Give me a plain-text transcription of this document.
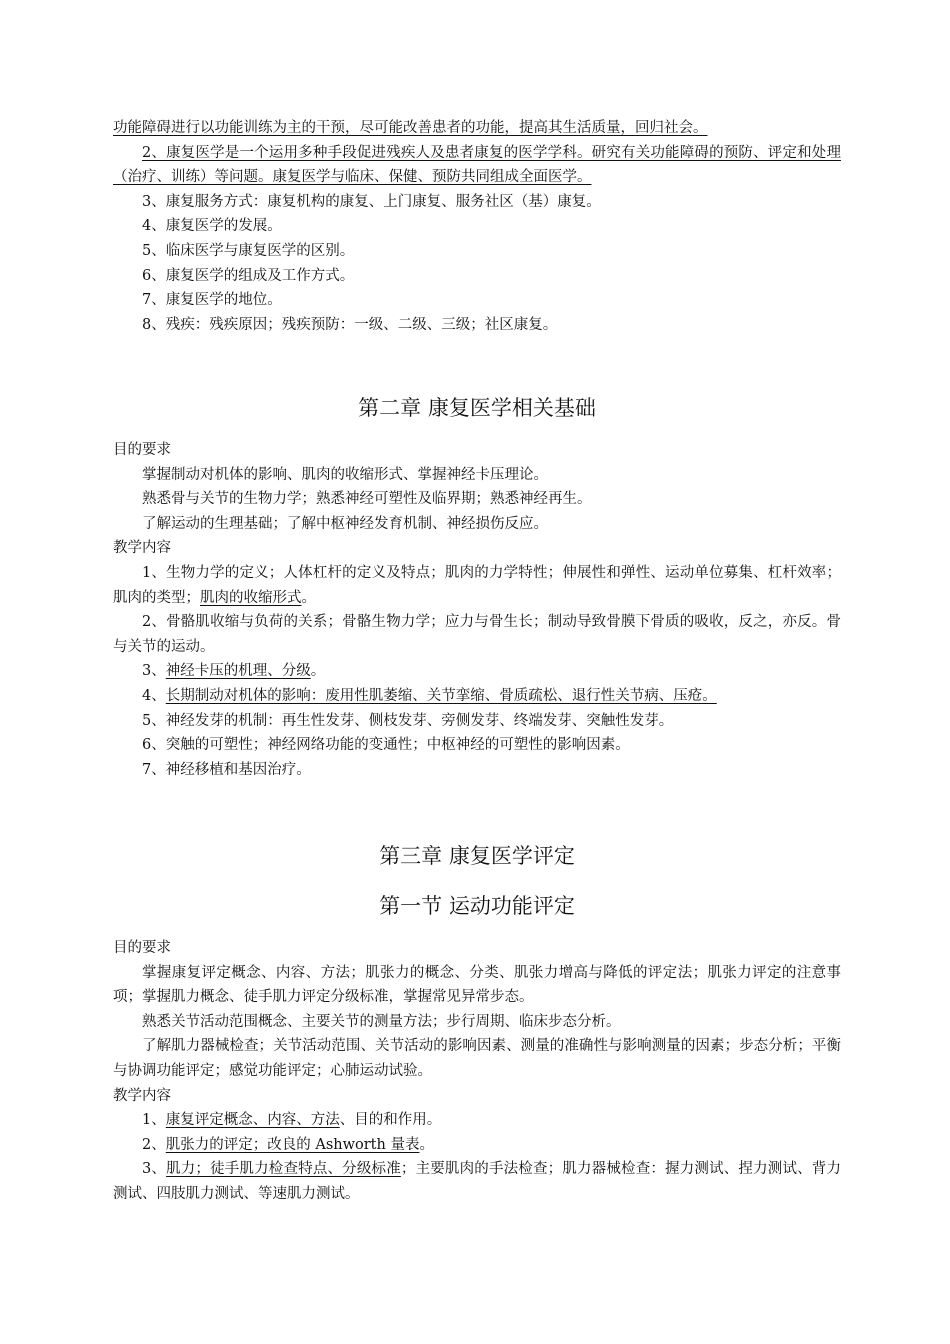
功能障碍进行以功能训练为主的干预，尽可能改善患者的功能，提高其生活质量，回归社会。

2、康复医学是一个运用多种手段促进残疾人及患者康复的医学学科。研究有关功能障碍的预防、评定和处理（治疗、训练）等问题。康复医学与临床、保健、预防共同组成全面医学。

3、康复服务方式：康复机构的康复、上门康复、服务社区（基）康复。

4、康复医学的发展。

5、临床医学与康复医学的区别。

6、康复医学的组成及工作方式。

7、康复医学的地位。

8、残疾：残疾原因；残疾预防：一级、二级、三级；社区康复。

第二章 康复医学相关基础

目的要求

掌握制动对机体的影响、肌肉的收缩形式、掌握神经卡压理论。

熟悉骨与关节的生物力学；熟悉神经可塑性及临界期；熟悉神经再生。

了解运动的生理基础；了解中枢神经发育机制、神经损伤反应。

教学内容

1、生物力学的定义；人体杠杆的定义及特点；肌肉的力学特性；伸展性和弹性、运动单位募集、杠杆效率；肌肉的类型；肌肉的收缩形式。

2、骨骼肌收缩与负荷的关系；骨骼生物力学；应力与骨生长；制动导致骨膜下骨质的吸收，反之，亦反。骨与关节的运动。

3、神经卡压的机理、分级。

4、长期制动对机体的影响：废用性肌萎缩、关节挛缩、骨质疏松、退行性关节病、压疮。

5、神经发芽的机制：再生性发芽、侧枝发芽、旁侧发芽、终端发芽、突触性发芽。

6、突触的可塑性；神经网络功能的变通性；中枢神经的可塑性的影响因素。

7、神经移植和基因治疗。

第三章 康复医学评定
第一节 运动功能评定

目的要求

掌握康复评定概念、内容、方法；肌张力的概念、分类、肌张力增高与降低的评定法；肌张力评定的注意事项；掌握肌力概念、徒手肌力评定分级标准，掌握常见异常步态。

熟悉关节活动范围概念、主要关节的测量方法；步行周期、临床步态分析。

了解肌力器械检查；关节活动范围、关节活动的影响因素、测量的准确性与影响测量的因素；步态分析；平衡与协调功能评定；感觉功能评定；心肺运动试验。

教学内容

1、康复评定概念、内容、方法、目的和作用。

2、肌张力的评定；改良的 Ashworth 量表。

3、肌力；徒手肌力检查特点、分级标准；主要肌肉的手法检查；肌力器械检查：握力测试、捏力测试、背力测试、四肢肌力测试、等速肌力测试。
